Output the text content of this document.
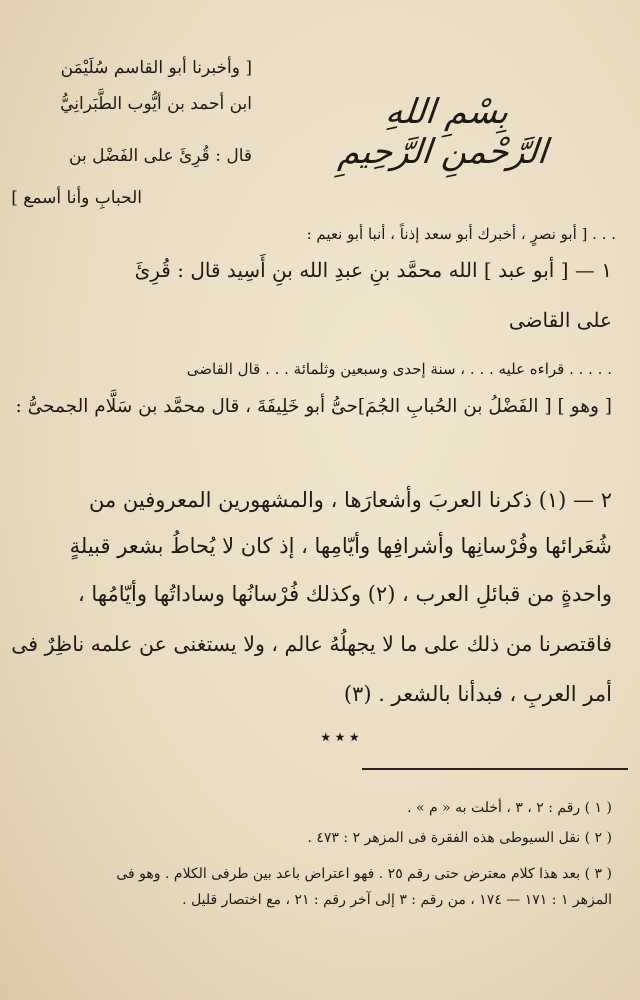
بِسْمِ اللهِ الرَّحْمنِ الرَّحِيمِ
[ وأخبرنا أبو القاسم سُلَيْمَن
ابن أحمد بن أيُّوب الطَّبَرانِيُّ
قال : قُرِئَ على الفَضْل بن
الحبابِ وأنا أسمع ]
. . . [ أبو نصرٍ ، أخبرك أبو سعد إذناً ، أنبا أبو نعيم :
١ — [ أبو عبد ] الله محمَّد بنِ عبدِ الله بنِ أَسِيد قال : قُرِئَ
على القاضى
. . . . . قراءه عليه . . . ، سنة إحدى وسبعين وثلمائة . . . قال القاضى
[ وهو ] [ الفَضْلُ بن الحُبابِ الجُمَ]حىُّ أبو خَلِيفَةَ ، قال محمَّد بن سَلَّام الجمحىُّ :
٢ — (١) ذكرنا العربَ وأشعارَها ، والمشهورين المعروفين من
شُعَرائها وفُرْسانِها وأشرافِها وأيّامِها ، إذ كان لا يُحاطُ بشعر قبيلةٍ
واحدةٍ من قبائلِ العرب ، (٢) وكذلك فُرْسانُها وساداتُها وأيّامُها ،
فاقتصرنا من ذلك على ما لا يجهلُهُ عالم ، ولا يستغنى عن علمه ناظِرٌ فى
أمر العربِ ، فبدأنا بالشعر . (٣)
٭ ٭ ٭
( ١ ) رقم : ٢ ، ٣ ، أخلت به « م » .
( ٢ ) نقل السيوطى هذه الفقرة فى المزهر ٢ : ٤٧٣ .
( ٣ ) بعد هذا كلام معترض حتى رقم ٢٥ . فهو اعتراض باعد بين طرفى الكلام . وهو فى
المزهر ١ : ١٧١ — ١٧٤ ، من رقم : ٣ إلى آخر رقم : ٢١ ، مع اختصار قليل .
